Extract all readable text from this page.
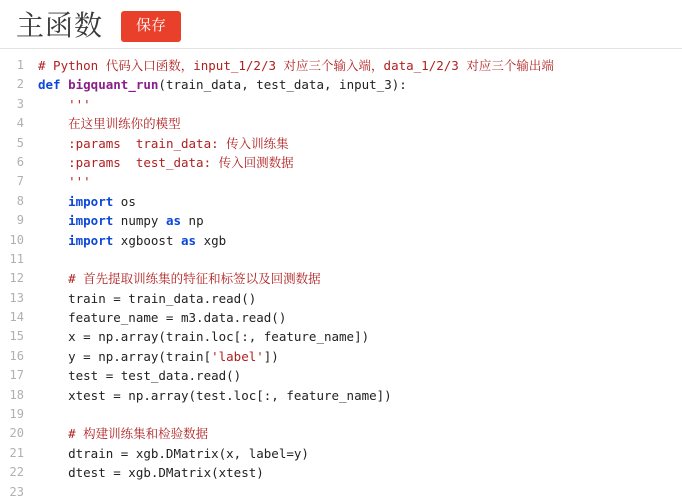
主函数	保存
1
2
3
4
5
6
7
8
9
10
11
12
13
14
15
16
17
18
19
20
21
22
23
# Python 代码入口函数，input_1/2/3 对应三个输入端，data_1/2/3 对应三个输出端
def bigquant_run(train_data, test_data, input_3):
'''
在这里训练你的模型
:params  train_data: 传入训练集
:params  test_data: 传入回测数据
'''
import os
import numpy as np
import xgboost as xgb
# 首先提取训练集的特征和标签以及回测数据
train = train_data.read()
feature_name = m3.data.read()
x = np.array(train.loc[:, feature_name])
y = np.array(train['label'])
test = test_data.read()
xtest = np.array(test.loc[:, feature_name])
# 构建训练集和检验数据
dtrain = xgb.DMatrix(x, label=y)
dtest = xgb.DMatrix(xtest)
